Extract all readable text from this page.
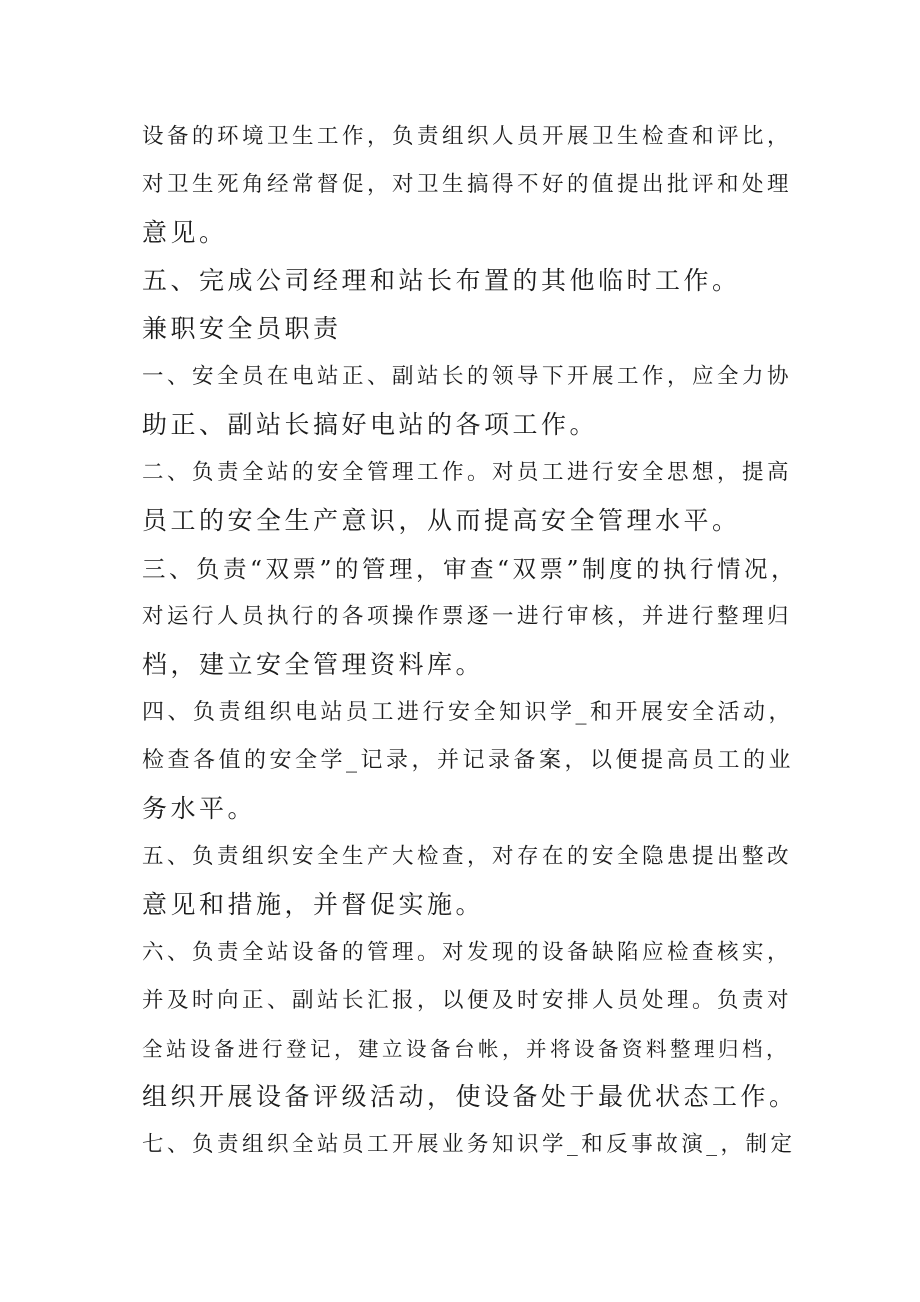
设备的环境卫生工作，负责组织人员开展卫生检查和评比，
对卫生死角经常督促，对卫生搞得不好的值提出批评和处理
意见。
五、完成公司经理和站长布置的其他临时工作。
兼职安全员职责
一、安全员在电站正、副站长的领导下开展工作，应全力协
助正、副站长搞好电站的各项工作。
二、负责全站的安全管理工作。对员工进行安全思想，提高
员工的安全生产意识，从而提高安全管理水平。
三、负责“双票”的管理，审查“双票”制度的执行情况，
对运行人员执行的各项操作票逐一进行审核，并进行整理归
档，建立安全管理资料库。
四、负责组织电站员工进行安全知识学_和开展安全活动，
检查各值的安全学_记录，并记录备案，以便提高员工的业
务水平。
五、负责组织安全生产大检查，对存在的安全隐患提出整改
意见和措施，并督促实施。
六、负责全站设备的管理。对发现的设备缺陷应检查核实，
并及时向正、副站长汇报，以便及时安排人员处理。负责对
全站设备进行登记，建立设备台帐，并将设备资料整理归档，
组织开展设备评级活动，使设备处于最优状态工作。
七、负责组织全站员工开展业务知识学_和反事故演_，制定
